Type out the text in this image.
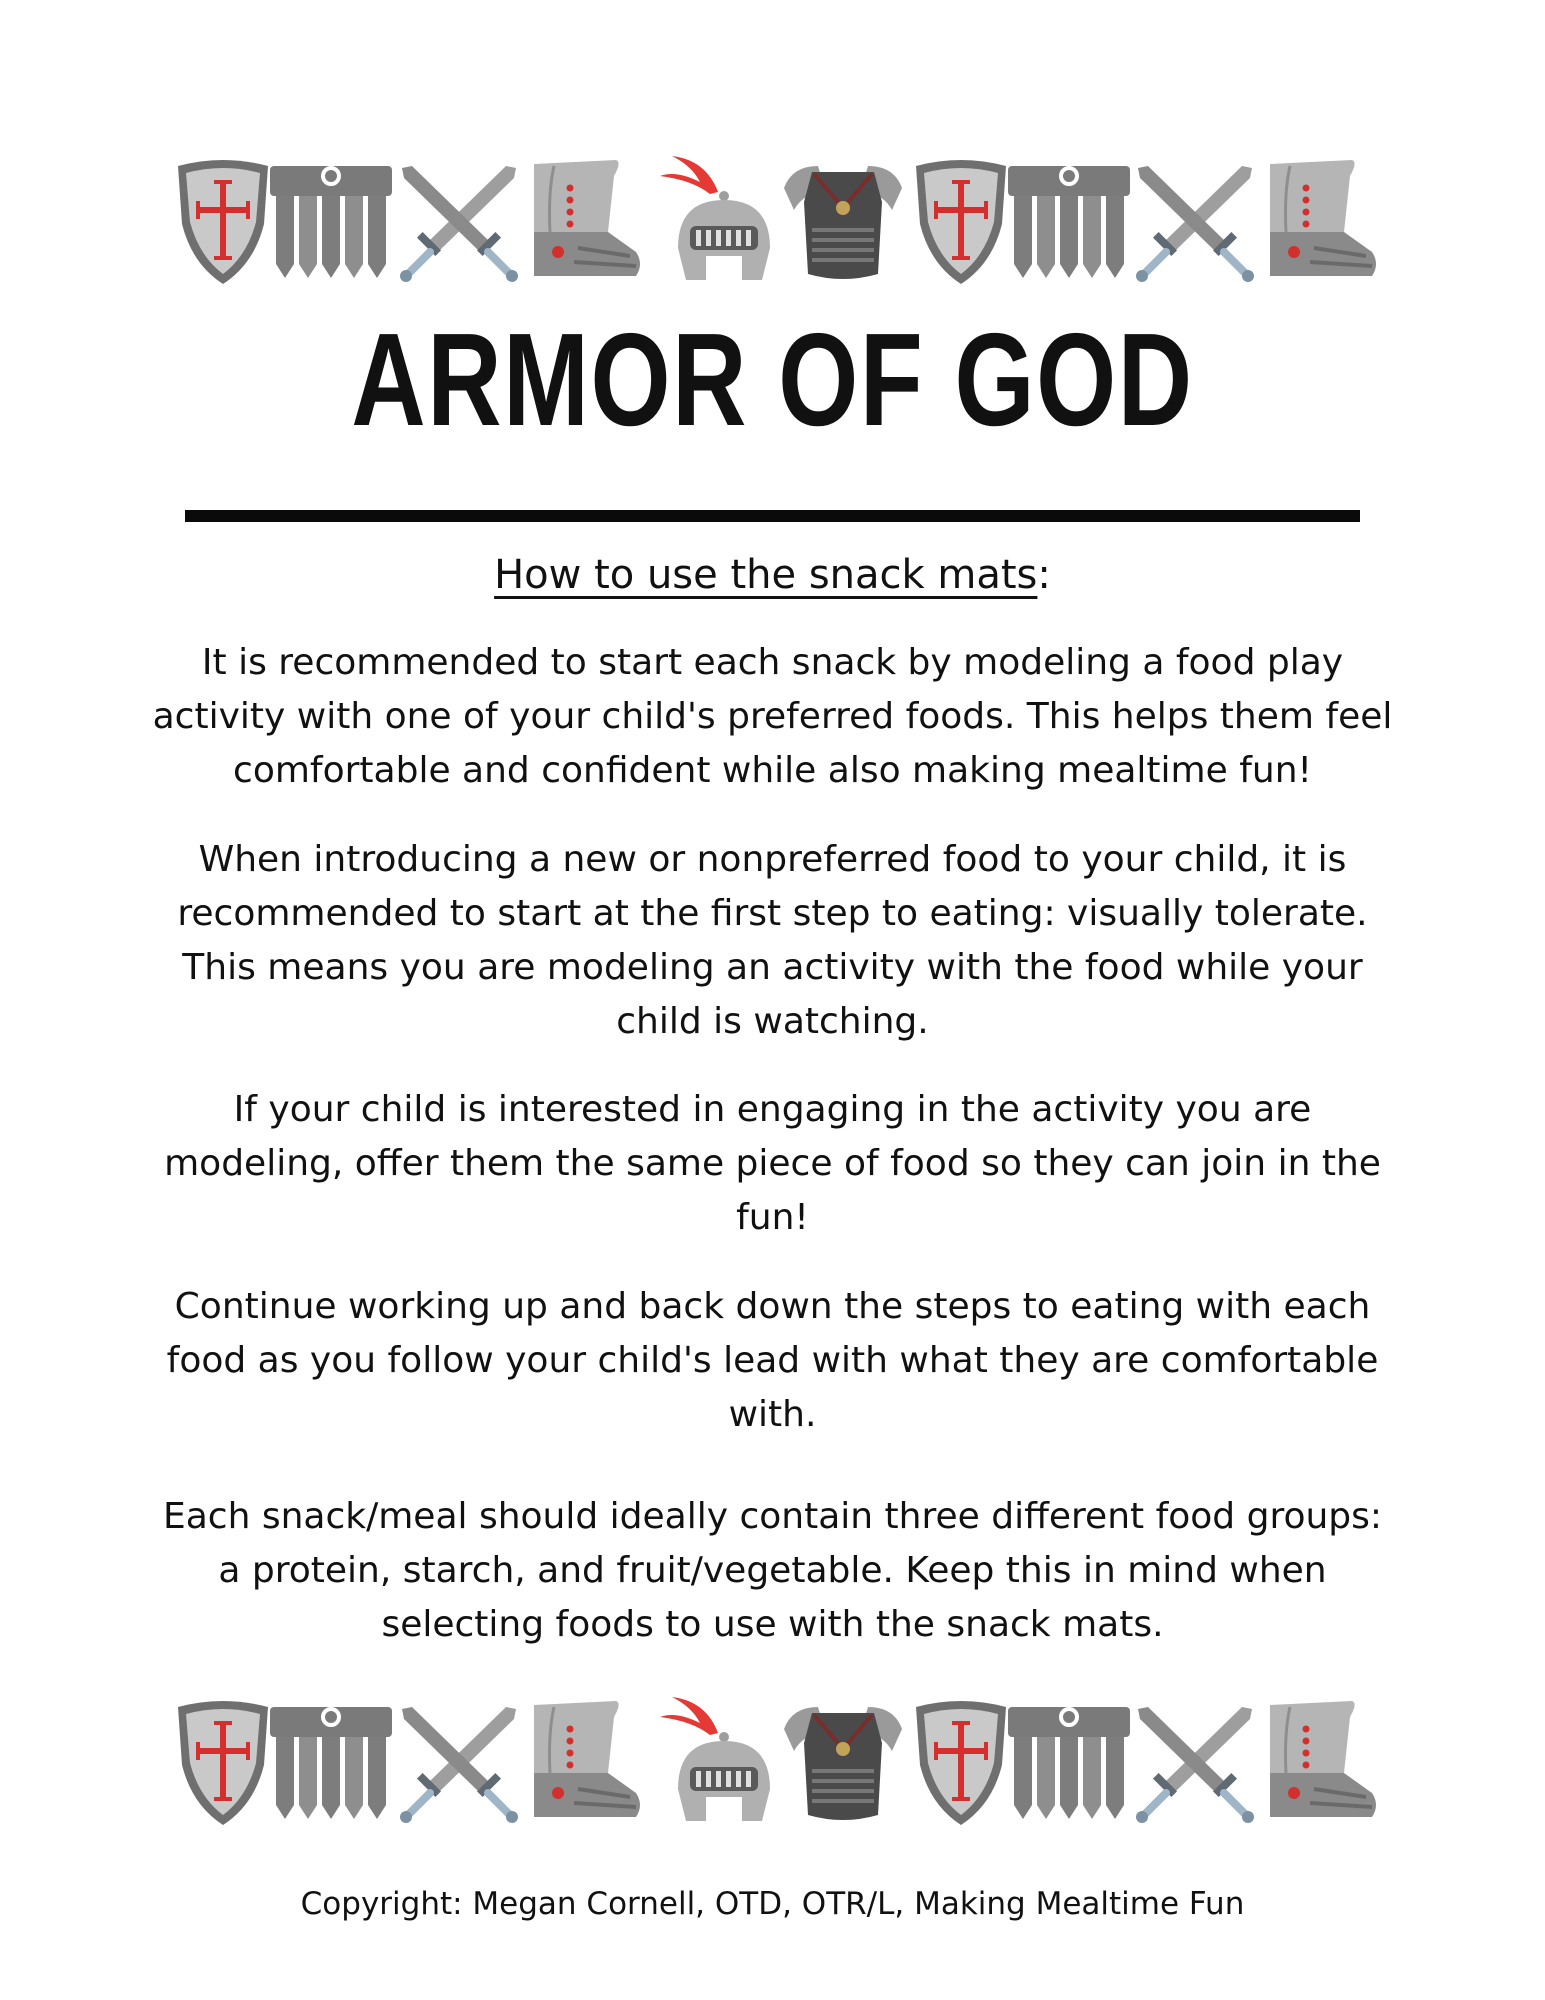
ARMOR OF GOD

How to use the snack mats:

It is recommended to start each snack by modeling a food play activity with one of your child's preferred foods. This helps them feel comfortable and confident while also making mealtime fun!

When introducing a new or nonpreferred food to your child, it is recommended to start at the first step to eating: visually tolerate. This means you are modeling an activity with the food while your child is watching.

If your child is interested in engaging in the activity you are modeling, offer them the same piece of food so they can join in the fun!

Continue working up and back down the steps to eating with each food as you follow your child's lead with what they are comfortable with.

Each snack/meal should ideally contain three different food groups: a protein, starch, and fruit/vegetable. Keep this in mind when selecting foods to use with the snack mats.

Copyright: Megan Cornell, OTD, OTR/L, Making Mealtime Fun
